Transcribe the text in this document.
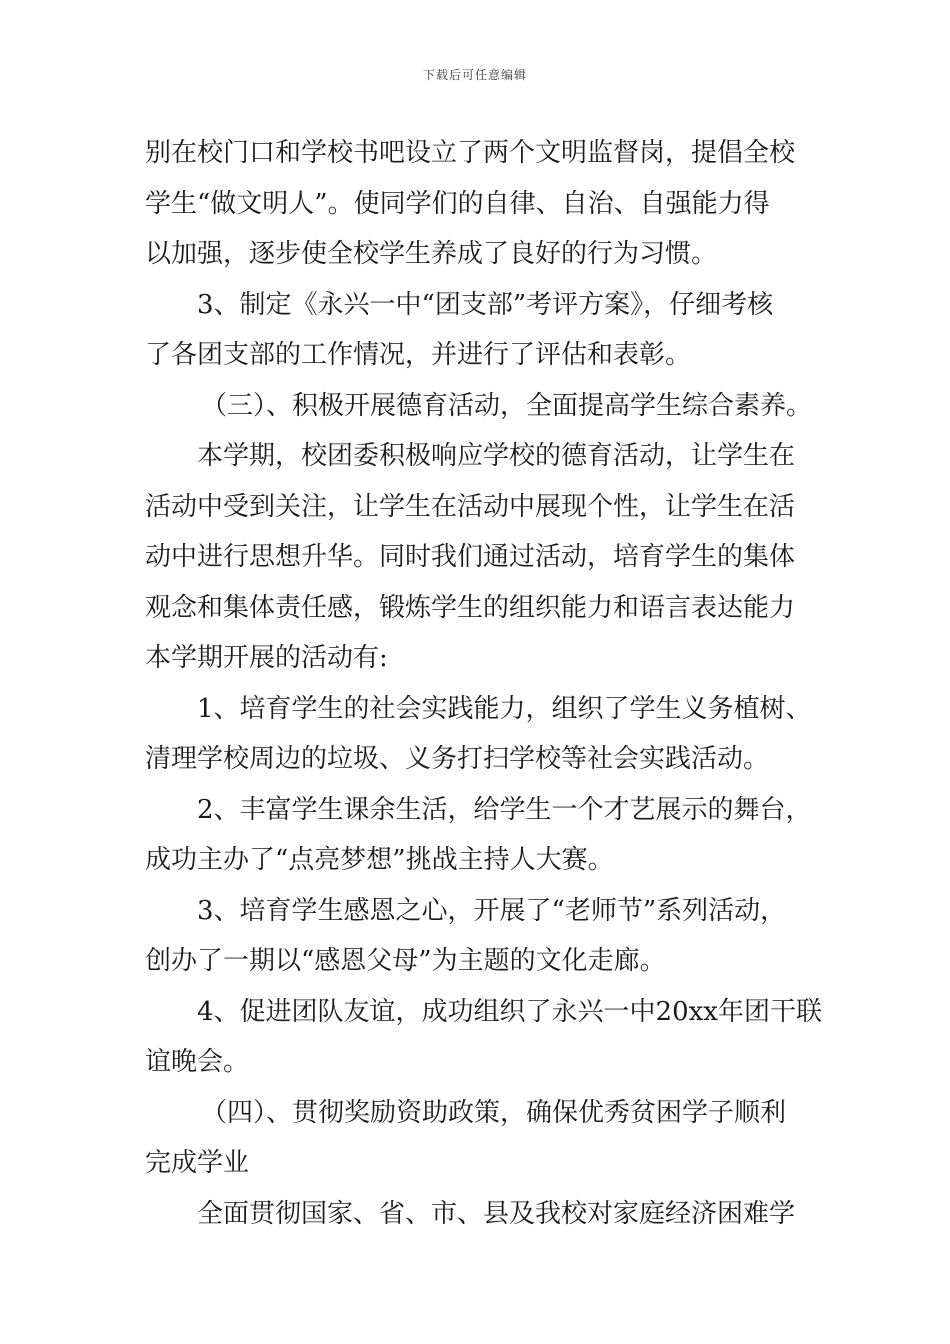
下载后可任意编辑
别在校门口和学校书吧设立了两个文明监督岗，提倡全校
学生“做文明人”。使同学们的自律、自治、自强能力得
以加强，逐步使全校学生养成了良好的行为习惯。
3、制定《永兴一中“团支部”考评方案》，仔细考核
了各团支部的工作情况，并进行了评估和表彰。
（三）、积极开展德育活动，全面提高学生综合素养。
本学期，校团委积极响应学校的德育活动，让学生在
活动中受到关注，让学生在活动中展现个性，让学生在活
动中进行思想升华。同时我们通过活动，培育学生的集体
观念和集体责任感，锻炼学生的组织能力和语言表达能力
本学期开展的活动有:
1、培育学生的社会实践能力，组织了学生义务植树、
清理学校周边的垃圾、义务打扫学校等社会实践活动。
2、丰富学生课余生活，给学生一个才艺展示的舞台，
成功主办了“点亮梦想”挑战主持人大赛。
3、培育学生感恩之心，开展了“老师节”系列活动，
创办了一期以“感恩父母”为主题的文化走廊。
4、促进团队友谊，成功组织了永兴一中20xx年团干联
谊晚会。
（四）、贯彻奖励资助政策，确保优秀贫困学子顺利
完成学业
全面贯彻国家、省、市、县及我校对家庭经济困难学
